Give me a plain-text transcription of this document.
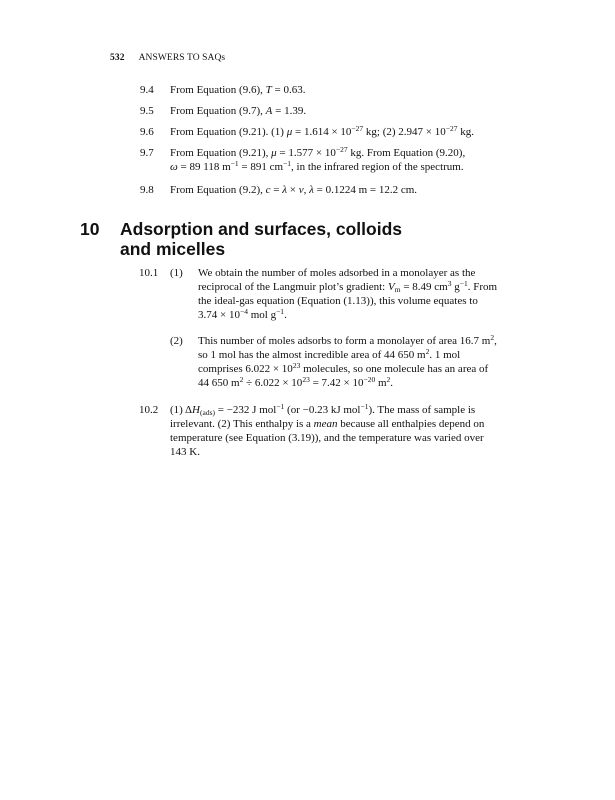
532 ANSWERS TO SAQs
9.4 From Equation (9.6), T = 0.63.
9.5 From Equation (9.7), A = 1.39.
9.6 From Equation (9.21). (1) $\mu = 1.614 \times 10^{-27}$ kg; (2) $2.947 \times 10^{-27}$ kg.
9.7 From Equation (9.21), $\mu = 1.577 \times 10^{-27}$ kg. From Equation (9.20),
ω = 89 118 $m^{-1} = 891$ $cm^{-1}$, in the infrared region of the spectrum.
9.8 From Equation (9.2), c = λ × ν, λ = 0.1224 m = 12.2 cm.
10 Adsorption and surfaces, colloids
and micelles
10.1 (1) We obtain the number of moles adsorbed in a monolayer as the
reciprocal of the Langmuir plot’s gradient: $V_m = 8.49$ $cm^3$ $g^{-1}$. From
the ideal-gas equation (Equation (1.13)), this volume equates to
$3.74 \times 10^{-4}$ mol $g^{-1}$.
(2) This number of moles adsorbs to form a monolayer of area 16.7 $m^2$,
so 1 mol has the almost incredible area of 44 650 $m^2$. 1 mol
comprises $6.022 \times 10^{23}$ molecules, so one molecule has an area of
44 650 $m^2 \div 6.022 \times 10^{23} = 7.42 \times 10^{-20}$ $m^2$.
10.2 (1) $\Delta H_{(ads)} = -232$ J mol$^{-1}$ (or −0.23 kJ mol$^{-1}$). The mass of sample is
irrelevant. (2) This enthalpy is a mean because all enthalpies depend on
temperature (see Equation (3.19)), and the temperature was varied over
143 K.
